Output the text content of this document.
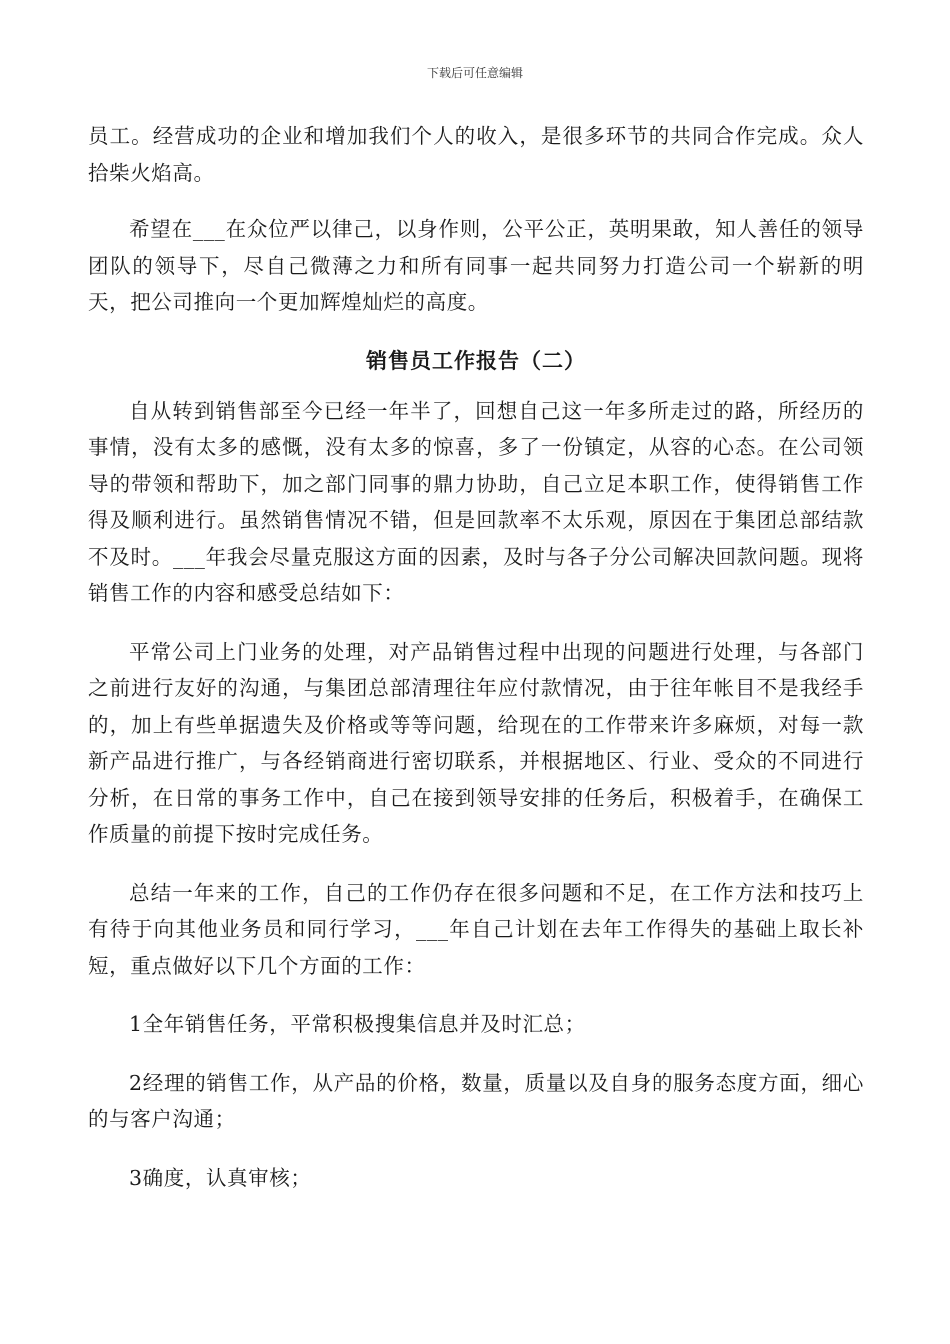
下载后可任意编辑

员工。经营成功的企业和增加我们个人的收入，是很多环节的共同合作完成。众人拾柴火焰高。

希望在___在众位严以律己，以身作则，公平公正，英明果敢，知人善任的领导团队的领导下，尽自己微薄之力和所有同事一起共同努力打造公司一个崭新的明天，把公司推向一个更加辉煌灿烂的高度。

销售员工作报告（二）

自从转到销售部至今已经一年半了，回想自己这一年多所走过的路，所经历的事情，没有太多的感慨，没有太多的惊喜，多了一份镇定，从容的心态。在公司领导的带领和帮助下，加之部门同事的鼎力协助，自己立足本职工作，使得销售工作得及顺利进行。虽然销售情况不错，但是回款率不太乐观，原因在于集团总部结款不及时。___年我会尽量克服这方面的因素，及时与各子分公司解决回款问题。现将销售工作的内容和感受总结如下：

平常公司上门业务的处理，对产品销售过程中出现的问题进行处理，与各部门之前进行友好的沟通，与集团总部清理往年应付款情况，由于往年帐目不是我经手的，加上有些单据遗失及价格或等等问题，给现在的工作带来许多麻烦，对每一款新产品进行推广，与各经销商进行密切联系，并根据地区、行业、受众的不同进行分析，在日常的事务工作中，自己在接到领导安排的任务后，积极着手，在确保工作质量的前提下按时完成任务。

总结一年来的工作，自己的工作仍存在很多问题和不足，在工作方法和技巧上有待于向其他业务员和同行学习，___年自己计划在去年工作得失的基础上取长补短，重点做好以下几个方面的工作：

1全年销售任务，平常积极搜集信息并及时汇总；

2经理的销售工作，从产品的价格，数量，质量以及自身的服务态度方面，细心的与客户沟通；

3确度，认真审核；
